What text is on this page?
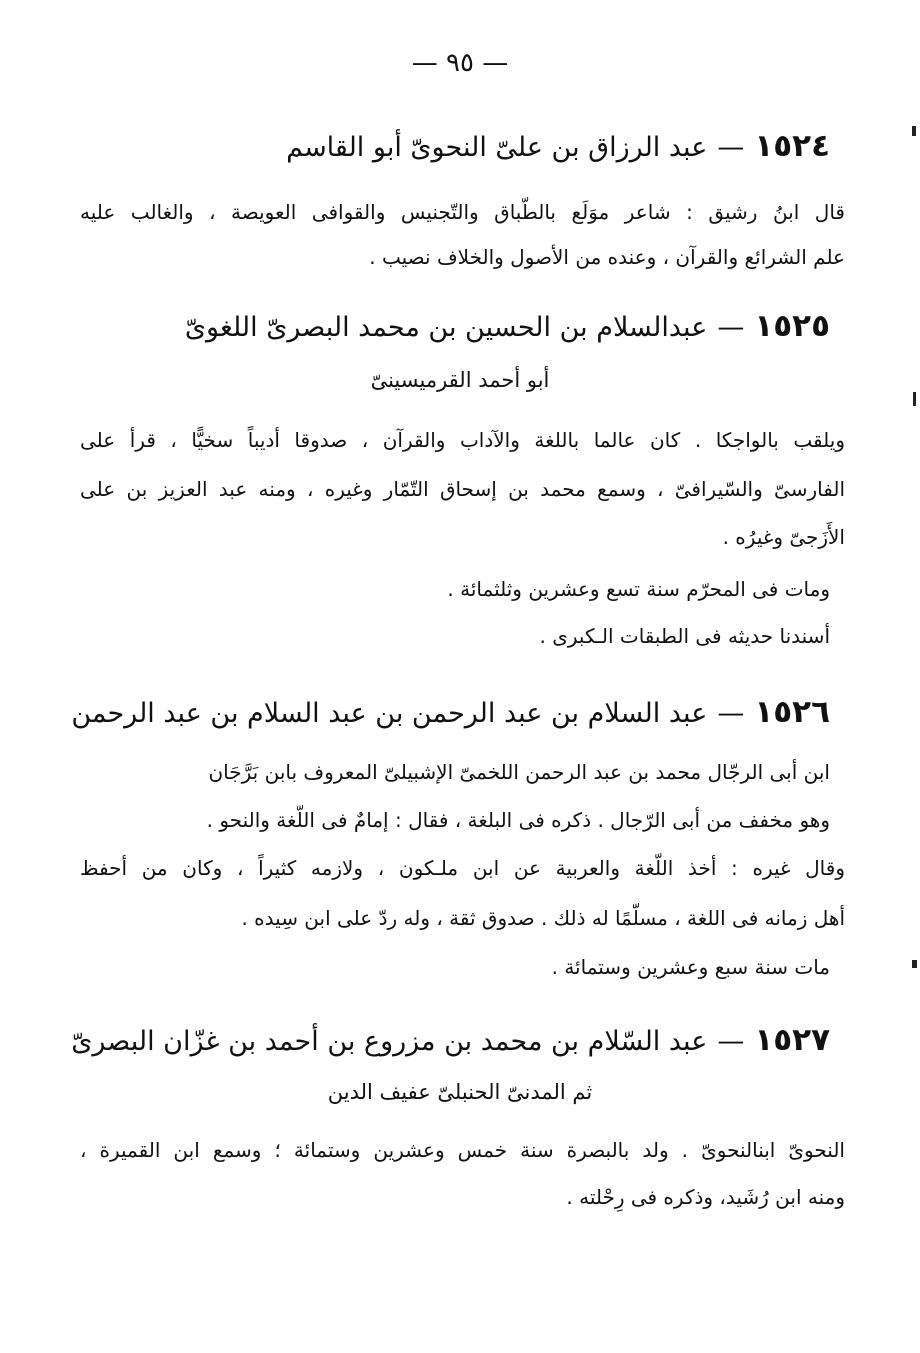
— ٩٥ —
١٥٢٤—عبد الرزاق بن علىّ النحوىّ أبو القاسم
قال ابنُ رشيق : شاعر موَلَع بالطّباق والتّجنيس والقوافى العويصة ، والغالب عليه
علم الشرائع والقرآن ، وعنده من الأصول والخلاف نصيب .
١٥٢٥—عبدالسلام بن الحسين بن محمد البصرىّ اللغوىّ
أبو أحمد القرميسينىّ
ويلقب بالواجكا . كان عالما باللغة والآداب والقرآن ، صدوقا أديباً سخيًّا ، قرأ على
الفارسىّ والسّيرافىّ ، وسمع محمد بن إسحاق التّمّار وغيره ، ومنه عبد العزيز بن على
الأَزَجىّ وغيرُه .
ومات فى المحرّم سنة تسع وعشرين وثلثمائة .
أسندنا حديثه فى الطبقات الـكبرى .
١٥٢٦—عبد السلام بن عبد الرحمن بن عبد السلام بن عبد الرحمن
ابن أبى الرجّال محمد بن عبد الرحمن اللخمىّ الإشبيلىّ المعروف بابن بَرَّجَان
وهو مخفف من أبى الرّجال . ذكره فى البلغة ، فقال : إمامٌ فى اللّغة والنحو .
وقال غيره : أخذ اللّغة والعربية عن ابن ملـكون ، ولازمه كثيراً ، وكان من أحفظ
أهل زمانه فى اللغة ، مسلّمًا له ذلك . صدوق ثقة ، وله ردّ على ابن سِيده .
مات سنة سبع وعشرين وستمائة .
١٥٢٧—عبد السّلام بن محمد بن مزروع بن أحمد بن غزّان البصرىّ
ثم المدنىّ الحنبلىّ عفيف الدين
النحوىّ ابنالنحوىّ . ولد بالبصرة سنة خمس وعشرين وستمائة ؛ وسمع ابن القميرة ،
ومنه ابن رُشَيد، وذكره فى رِحْلته .
